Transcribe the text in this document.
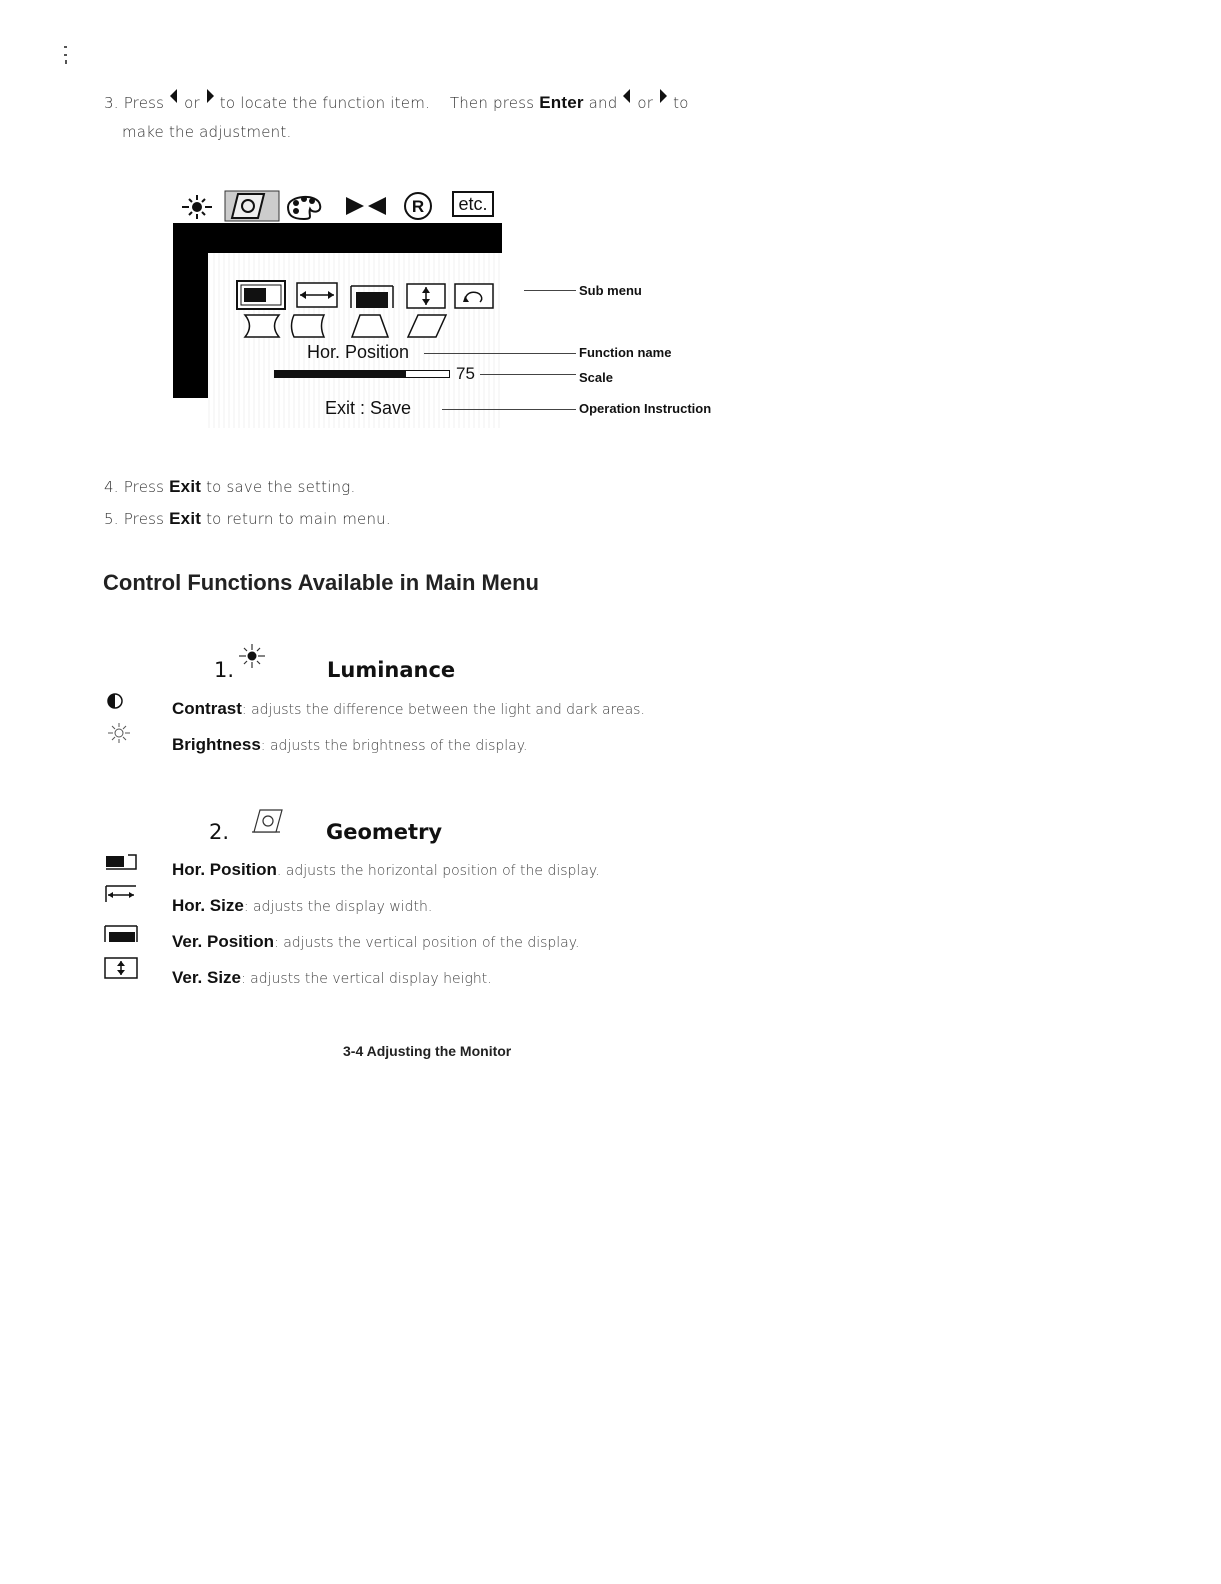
3. Press or to locate the function item. Then press Enter and or to
make the adjustment.
R	etc.
Hor. Position
75
Exit : Save
Sub menu
Function name
Scale
Operation Instruction
4. Press Exit to save the setting.
5. Press Exit to return to main menu.
Control Functions Available in Main Menu
1.	Luminance
Contrast: adjusts the difference between the light and dark areas.
Brightness: adjusts the brightness of the display.
2.	Geometry
Hor. Position. adjusts the horizontal position of the display.
Hor. Size: adjusts the display width.
Ver. Position: adjusts the vertical position of the display.
Ver. Size: adjusts the vertical display height.
3-4 Adjusting the Monitor
